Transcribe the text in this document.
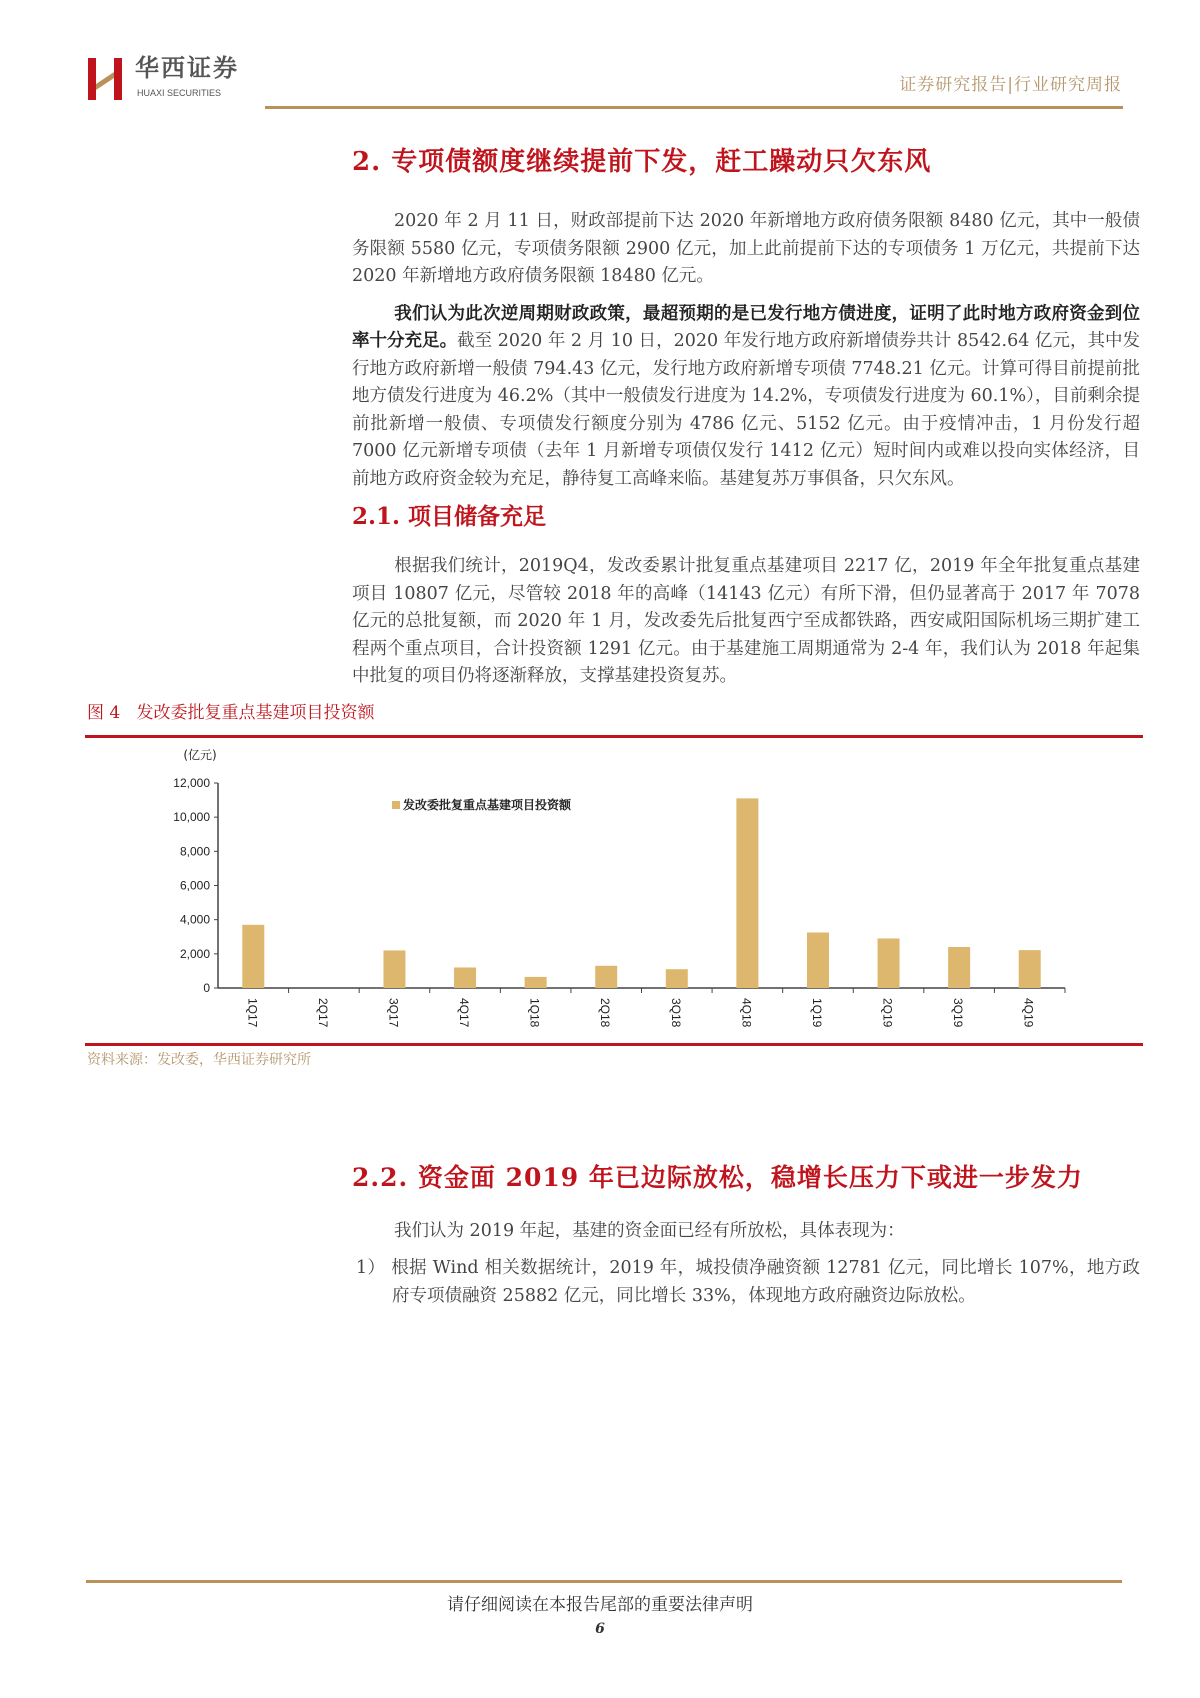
华西证券
HUAXI SECURITIES	证券研究报告|行业研究周报
2. 专项债额度继续提前下发，赶工躁动只欠东风
2020 年 2 月 11 日，财政部提前下达 2020 年新增地方政府债务限额 8480 亿元，其中一般债务限额 5580 亿元，专项债务限额 2900 亿元，加上此前提前下达的专项债务 1 万亿元，共提前下达 2020 年新增地方政府债务限额 18480 亿元。
我们认为此次逆周期财政政策，最超预期的是已发行地方债进度，证明了此时地方政府资金到位率十分充足。截至 2020 年 2 月 10 日，2020 年发行地方政府新增债券共计 8542.64 亿元，其中发行地方政府新增一般债 794.43 亿元，发行地方政府新增专项债 7748.21 亿元。计算可得目前提前批地方债发行进度为 46.2%（其中一般债发行进度为 14.2%，专项债发行进度为 60.1%），目前剩余提前批新增一般债、专项债发行额度分别为 4786 亿元、5152 亿元。由于疫情冲击，1 月份发行超 7000 亿元新增专项债（去年 1 月新增专项债仅发行 1412 亿元）短时间内或难以投向实体经济，目前地方政府资金较为充足，静待复工高峰来临。基建复苏万事俱备，只欠东风。
2.1. 项目储备充足
根据我们统计，2019Q4，发改委累计批复重点基建项目 2217 亿，2019 年全年批复重点基建项目 10807 亿元，尽管较 2018 年的高峰（14143 亿元）有所下滑，但仍显著高于 2017 年 7078 亿元的总批复额，而 2020 年 1 月，发改委先后批复西宁至成都铁路，西安咸阳国际机场三期扩建工程两个重点项目，合计投资额 1291 亿元。由于基建施工周期通常为 2-4 年，我们认为 2018 年起集中批复的项目仍将逐渐释放，支撑基建投资复苏。
图 4 发改委批复重点基建项目投资额
(亿元)
0
2,000
4,000
6,000
8,000
10,000
12,000
1Q17	2Q17	3Q17	4Q17	1Q18	2Q18	3Q18	4Q18	1Q19	2Q19	3Q19	4Q19
发改委批复重点基建项目投资额
资料来源：发改委，华西证券研究所
2.2. 资金面 2019 年已边际放松，稳增长压力下或进一步发力
我们认为 2019 年起，基建的资金面已经有所放松，具体表现为：
1） 根据 Wind 相关数据统计，2019 年，城投债净融资额 12781 亿元，同比增长 107%，地方政府专项债融资 25882 亿元，同比增长 33%，体现地方政府融资边际放松。
请仔细阅读在本报告尾部的重要法律声明
6
